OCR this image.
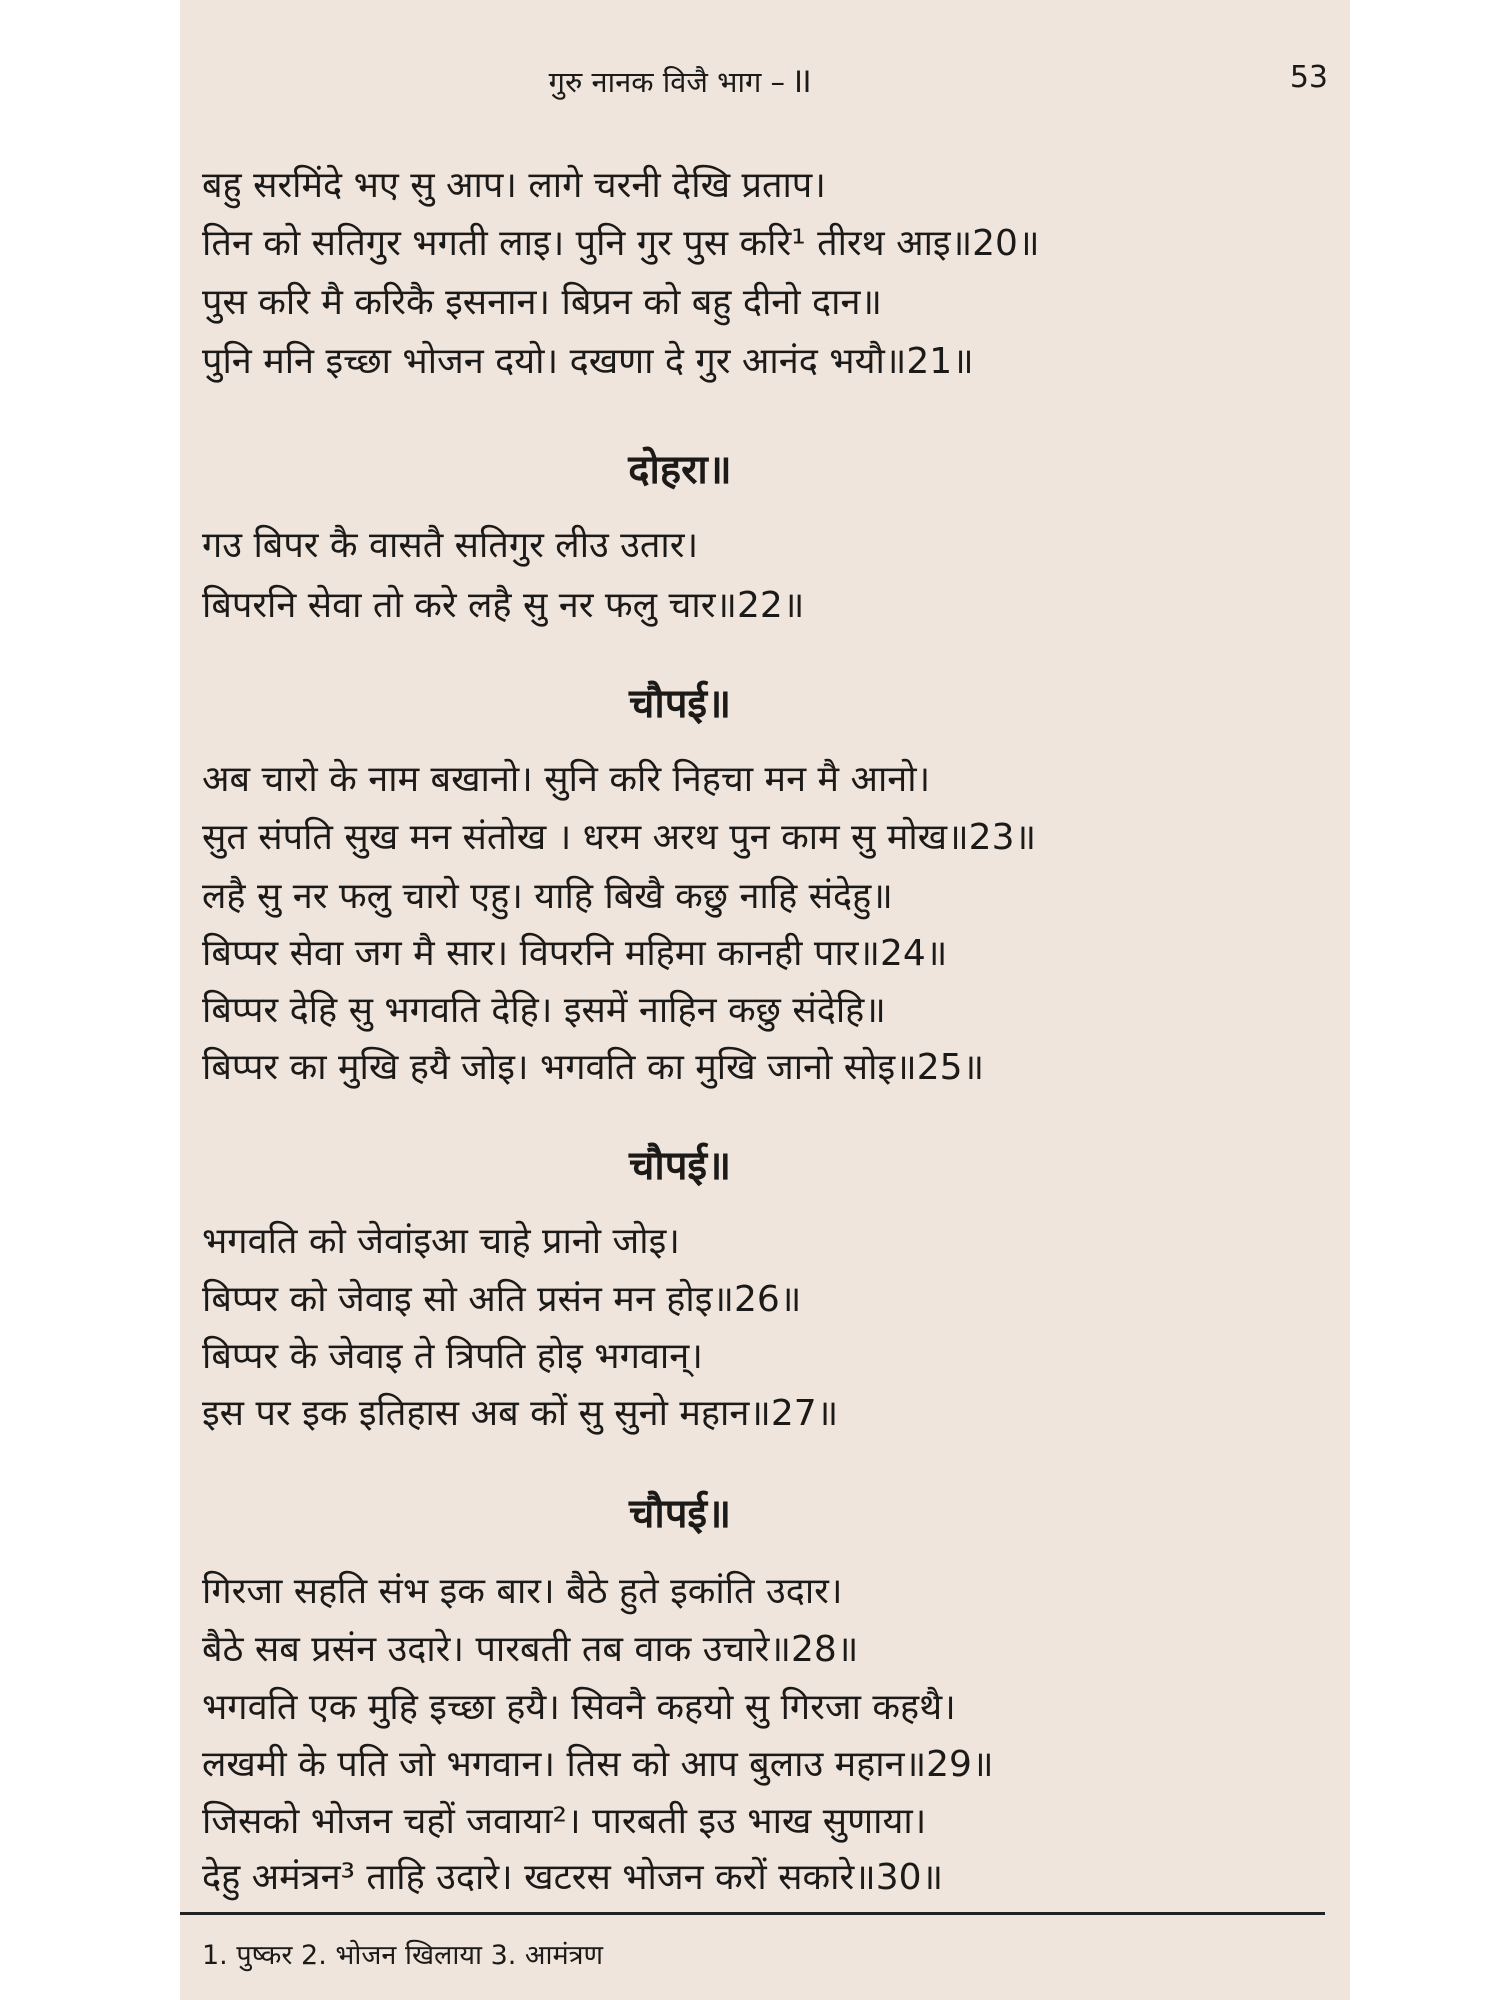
गुरु नानक विजै भाग – II	53
बहु सरमिंदे भए सु आप। लागे चरनी देखि प्रताप।
तिन को सतिगुर भगती लाइ। पुनि गुर पुस करि¹ तीरथ आइ॥20॥
पुस करि मै करिकै इसनान। बिप्रन को बहु दीनो दान॥
पुनि मनि इच्छा भोजन दयो। दखणा दे गुर आनंद भयौ॥21॥
दोहरा॥
गउ बिपर कै वासतै सतिगुर लीउ उतार।
बिपरनि सेवा तो करे लहै सु नर फलु चार॥22॥
चौपई॥
अब चारो के नाम बखानो। सुनि करि निहचा मन मै आनो।
सुत संपति सुख मन संतोख । धरम अरथ पुन काम सु मोख॥23॥
लहै सु नर फलु चारो एहु। याहि बिखै कछु नाहि संदेहु॥
बिप्पर सेवा जग मै सार। विपरनि महिमा कानही पार॥24॥
बिप्पर देहि सु भगवति देहि। इसमें नाहिन कछु संदेहि॥
बिप्पर का मुखि हयै जोइ। भगवति का मुखि जानो सोइ॥25॥
चौपई॥
भगवति को जेवांइआ चाहे प्रानो जोइ।
बिप्पर को जेवाइ सो अति प्रसंन मन होइ॥26॥
बिप्पर के जेवाइ ते त्रिपति होइ भगवान्।
इस पर इक इतिहास अब कों सु सुनो महान॥27॥
चौपई॥
गिरजा सहति संभ इक बार। बैठे हुते इकांति उदार।
बैठे सब प्रसंन उदारे। पारबती तब वाक उचारे॥28॥
भगवति एक मुहि इच्छा हयै। सिवनै कहयो सु गिरजा कहथै।
लखमी के पति जो भगवान। तिस को आप बुलाउ महान॥29॥
जिसको भोजन चहों जवाया²। पारबती इउ भाख सुणाया।
देहु अमंत्रन³ ताहि उदारे। खटरस भोजन करों सकारे॥30॥
1. पुष्कर 2. भोजन खिलाया 3. आमंत्रण
